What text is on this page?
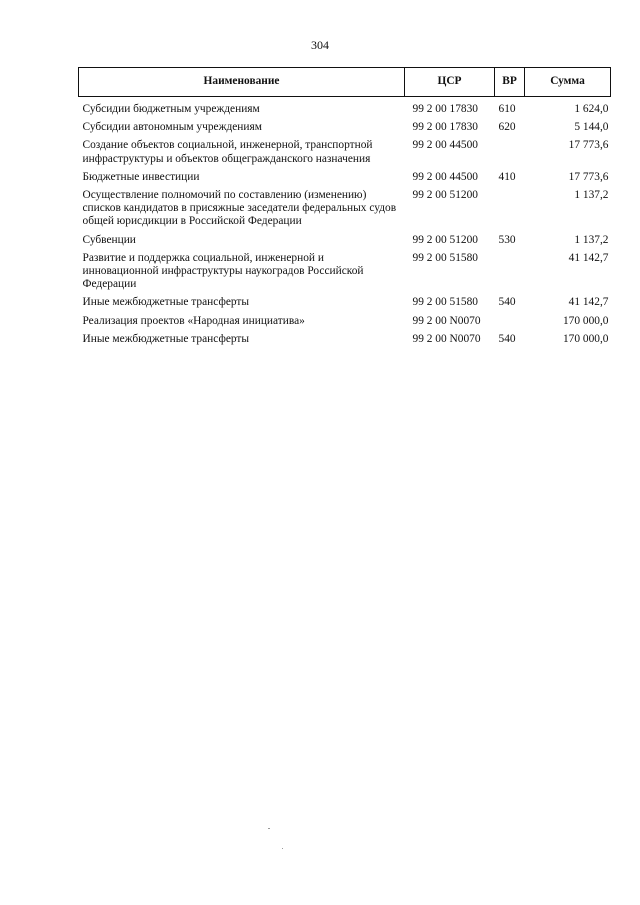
304
Наименование	ЦСР	ВР	Сумма
Субсидии бюджетным учреждениям	99 2 00 17830	610	1 624,0
Субсидии автономным учреждениям	99 2 00 17830	620	5 144,0
Создание объектов социальной, инженерной, транспортной инфраструктуры и объектов общегражданского назначения	99 2 00 44500		17 773,6
Бюджетные инвестиции	99 2 00 44500	410	17 773,6
Осуществление полномочий по составлению (изменению) списков кандидатов в присяжные заседатели федеральных судов общей юрисдикции в Российской Федерации	99 2 00 51200		1 137,2
Субвенции	99 2 00 51200	530	1 137,2
Развитие и поддержка социальной, инженерной и инновационной инфраструктуры наукоградов Российской Федерации	99 2 00 51580		41 142,7
Иные межбюджетные трансферты	99 2 00 51580	540	41 142,7
Реализация проектов «Народная инициатива»	99 2 00 N0070		170 000,0
Иные межбюджетные трансферты	99 2 00 N0070	540	170 000,0
